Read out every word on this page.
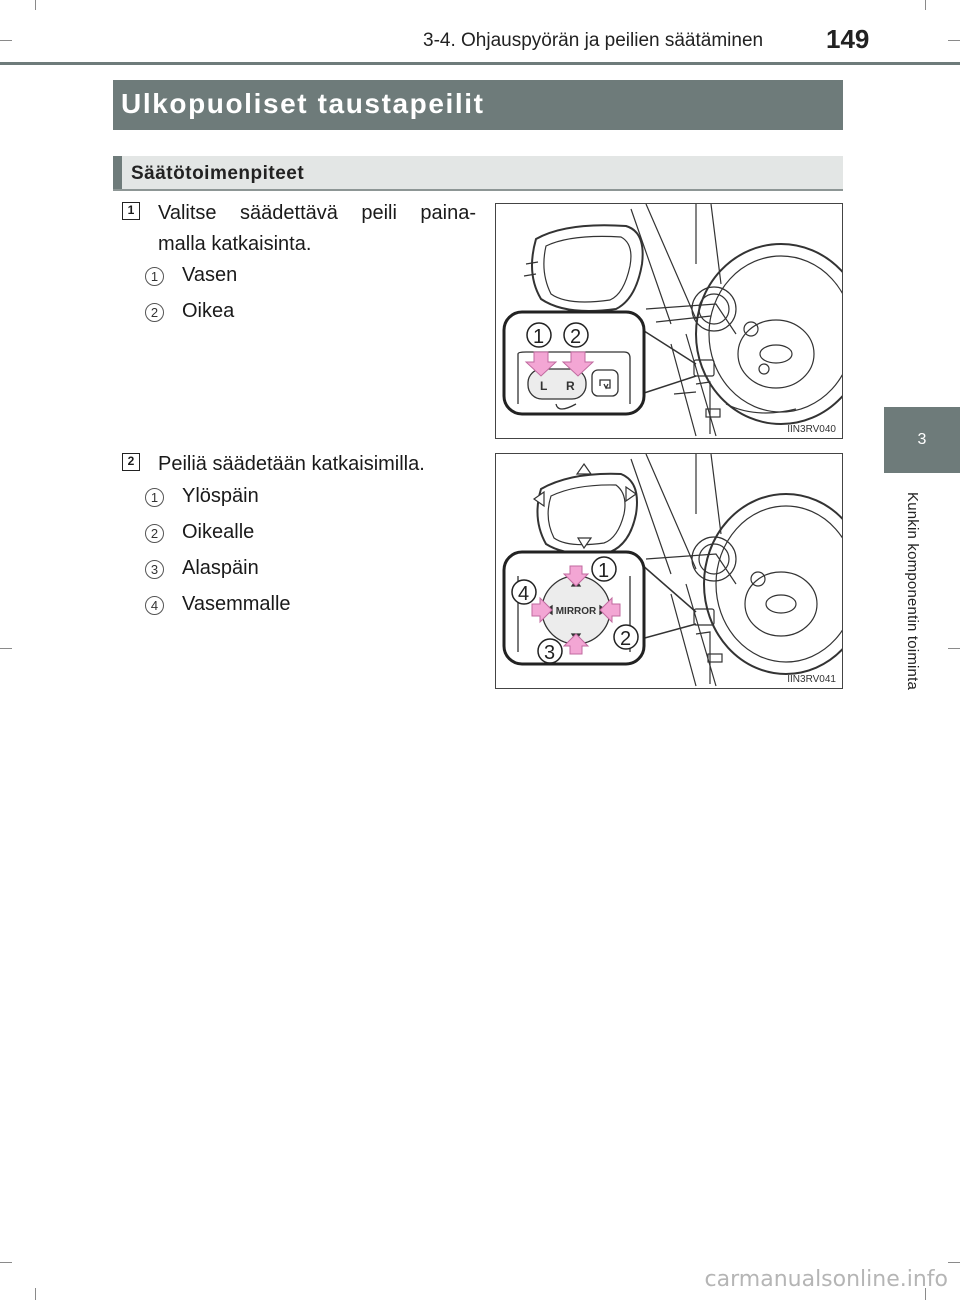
3-4. Ohjauspyörän ja peilien säätäminen 149
3
Kunkin komponentin toiminta
Ulkopuoliset taustapeilit
Säätötoimenpiteet
1 Valitse säädettävä peili paina-
malla katkaisinta.
1 Vasen
2 Oikea
L R
1 2
IIN3RV040
2 Peiliä säädetään katkaisimilla.
1 Ylöspäin
2 Oikealle
3 Alaspäin
4 Vasemmalle	MIRROR
1
2
3
4
IIN3RV041
carmanualsonline.info
